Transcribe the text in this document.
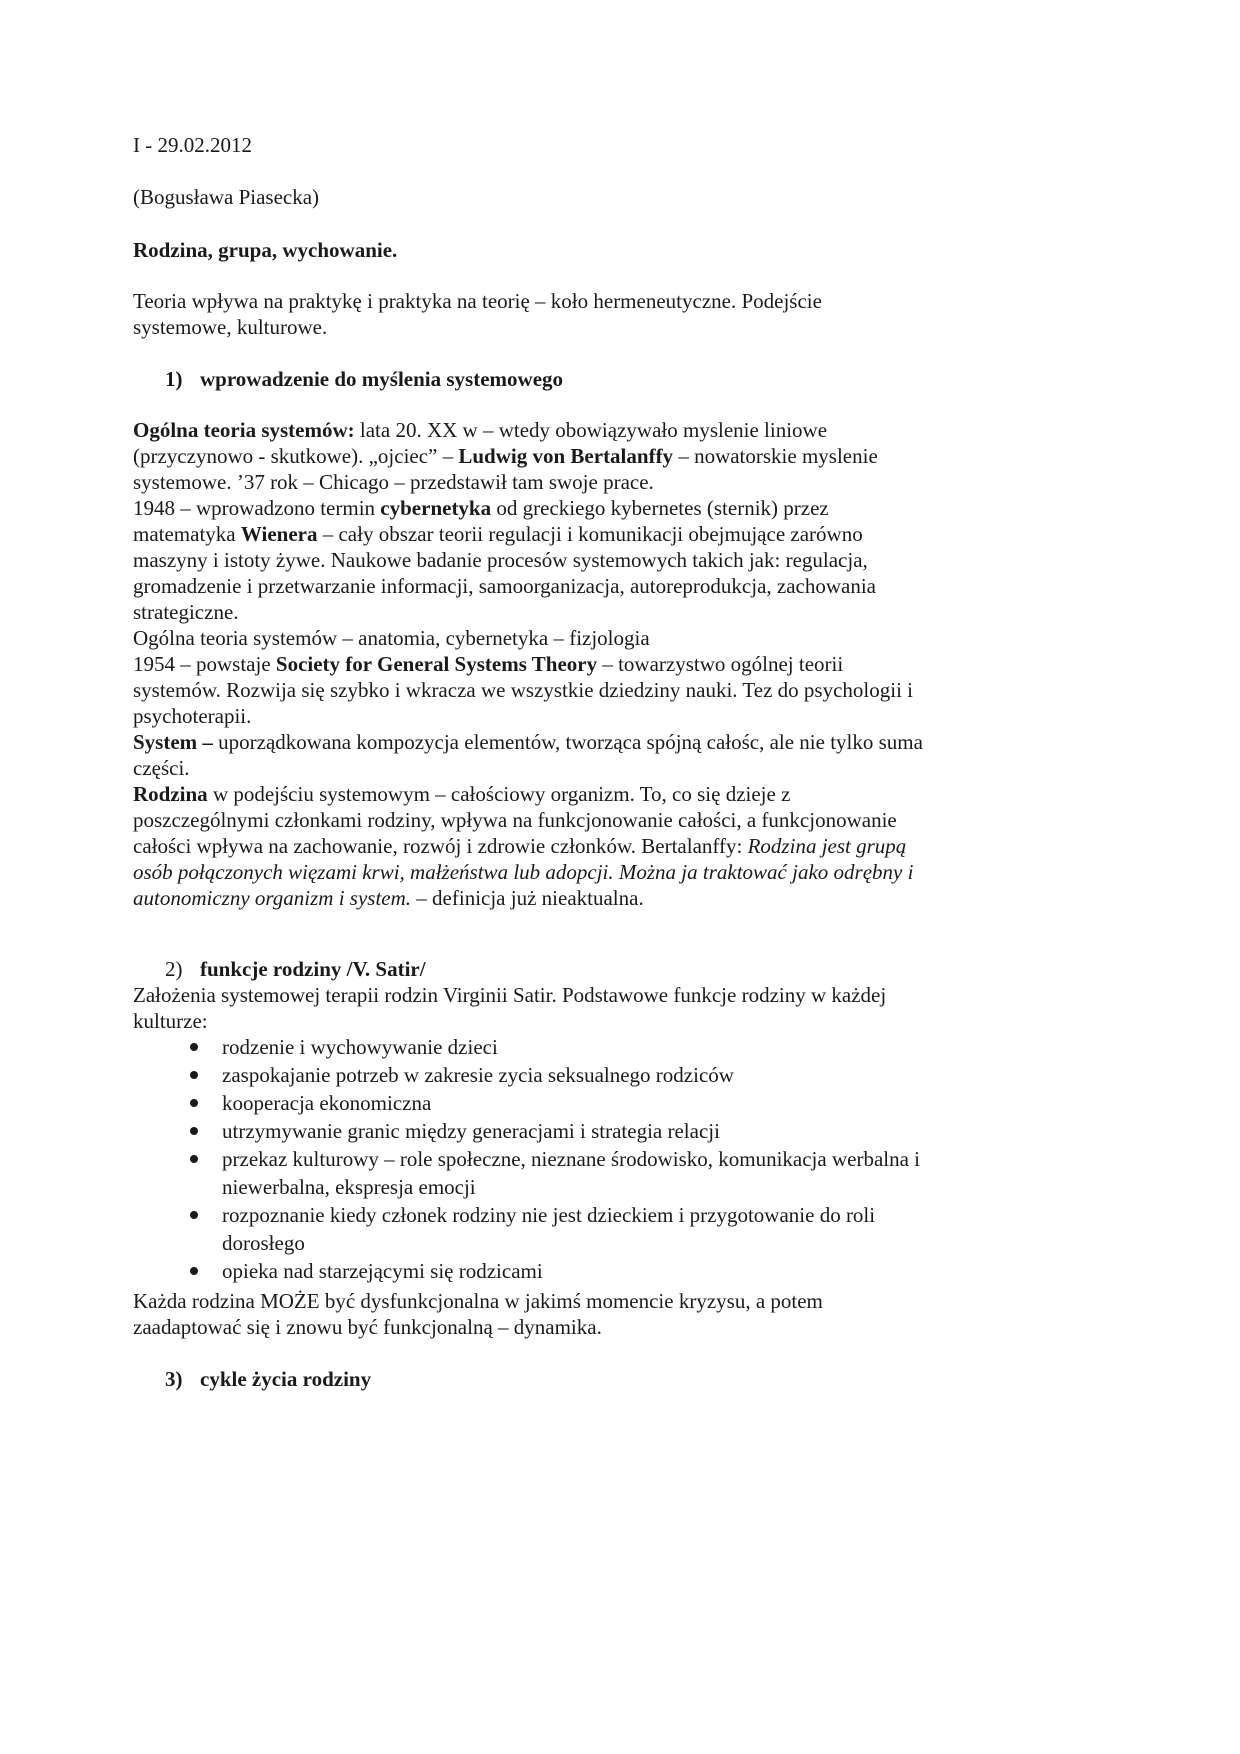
I - 29.02.2012

(Bogusława Piasecka)

Rodzina, grupa, wychowanie.

Teoria wpływa na praktykę i praktyka na teorię – koło hermeneutyczne. Podejście
systemowe, kulturowe.

1) wprowadzenie do myślenia systemowego
Ogólna teoria systemów: lata 20. XX w – wtedy obowiązywało myslenie liniowe
(przyczynowo - skutkowe). „ojciec” – Ludwig von Bertalanffy – nowatorskie myslenie
systemowe. ’37 rok – Chicago – przedstawił tam swoje prace.
1948 – wprowadzono termin cybernetyka od greckiego kybernetes (sternik) przez
matematyka Wienera – cały obszar teorii regulacji i komunikacji obejmujące zarówno
maszyny i istoty żywe. Naukowe badanie procesów systemowych takich jak: regulacja,
gromadzenie i przetwarzanie informacji, samoorganizacja, autoreprodukcja, zachowania
strategiczne.
Ogólna teoria systemów – anatomia, cybernetyka – fizjologia
1954 – powstaje Society for General Systems Theory – towarzystwo ogólnej teorii
systemów. Rozwija się szybko i wkracza we wszystkie dziedziny nauki. Tez do psychologii i
psychoterapii.
System – uporządkowana kompozycja elementów, tworząca spójną całośc, ale nie tylko suma
części.
Rodzina w podejściu systemowym – całościowy organizm. To, co się dzieje z
poszczególnymi członkami rodziny, wpływa na funkcjonowanie całości, a funkcjonowanie
całości wpływa na zachowanie, rozwój i zdrowie członków. Bertalanffy: Rodzina jest grupą
osób połączonych więzami krwi, małżeństwa lub adopcji. Można ja traktować jako odrębny i
autonomiczny organizm i system. – definicja już nieaktualna.
2) funkcje rodziny /V. Satir/

Założenia systemowej terapii rodzin Virginii Satir. Podstawowe funkcje rodziny w każdej
kulturze:

rodzenie i wychowywanie dzieci
zaspokajanie potrzeb w zakresie zycia seksualnego rodziców
kooperacja ekonomiczna
utrzymywanie granic między generacjami i strategia relacji
przekaz kulturowy – role społeczne, nieznane środowisko, komunikacja werbalna i
niewerbalna, ekspresja emocji
rozpoznanie kiedy członek rodziny nie jest dzieckiem i przygotowanie do roli
dorosłego
opieka nad starzejącymi się rodzicami

Każda rodzina MOŻE być dysfunkcjonalna w jakimś momencie kryzysu, a potem
zaadaptować się i znowu być funkcjonalną – dynamika.

3) cykle życia rodziny
